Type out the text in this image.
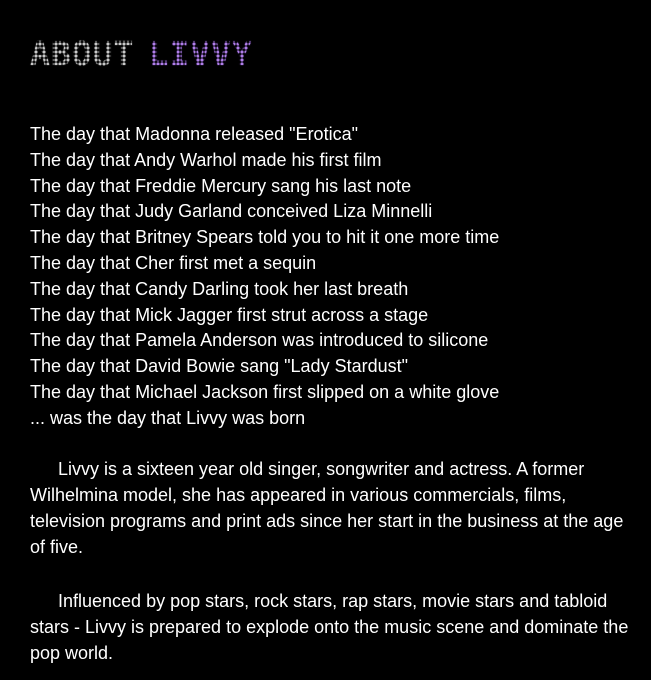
ABOUT LIVVY
The day that Madonna released "Erotica"
The day that Andy Warhol made his first film
The day that Freddie Mercury sang his last note
The day that Judy Garland conceived Liza Minnelli
The day that Britney Spears told you to hit it one more time
The day that Cher first met a sequin
The day that Candy Darling took her last breath
The day that Mick Jagger first strut across a stage
The day that Pamela Anderson was introduced to silicone
The day that David Bowie sang "Lady Stardust"
The day that Michael Jackson first slipped on a white glove
... was the day that Livvy was born

Livvy is a sixteen year old singer, songwriter and actress. A former Wilhelmina model, she has appeared in various commercials, films, television programs and print ads since her start in the business at the age of five.

Influenced by pop stars, rock stars, rap stars, movie stars and tabloid stars - Livvy is prepared to explode onto the music scene and dominate the pop world.
